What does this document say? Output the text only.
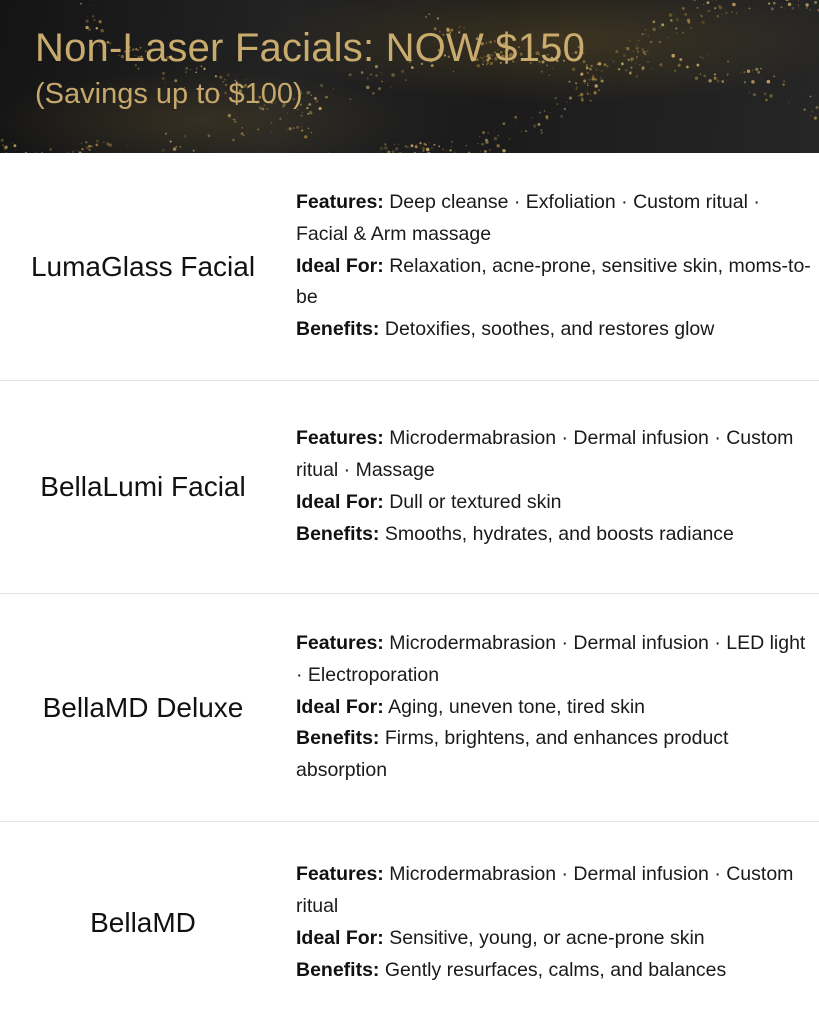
Non-Laser Facials: NOW $150
(Savings up to $100)
LumaGlass Facial
Features: Deep cleanse · Exfoliation · Custom ritual · Facial & Arm massage
Ideal For: Relaxation, acne-prone, sensitive skin, moms-to-be
Benefits: Detoxifies, soothes, and restores glow
BellaLumi Facial
Features: Microdermabrasion · Dermal infusion · Custom ritual · Massage
Ideal For: Dull or textured skin
Benefits: Smooths, hydrates, and boosts radiance
BellaMD Deluxe
Features: Microdermabrasion · Dermal infusion · LED light · Electroporation
Ideal For: Aging, uneven tone, tired skin
Benefits: Firms, brightens, and enhances product absorption
BellaMD
Features: Microdermabrasion · Dermal infusion · Custom ritual
Ideal For: Sensitive, young, or acne-prone skin
Benefits: Gently resurfaces, calms, and balances
